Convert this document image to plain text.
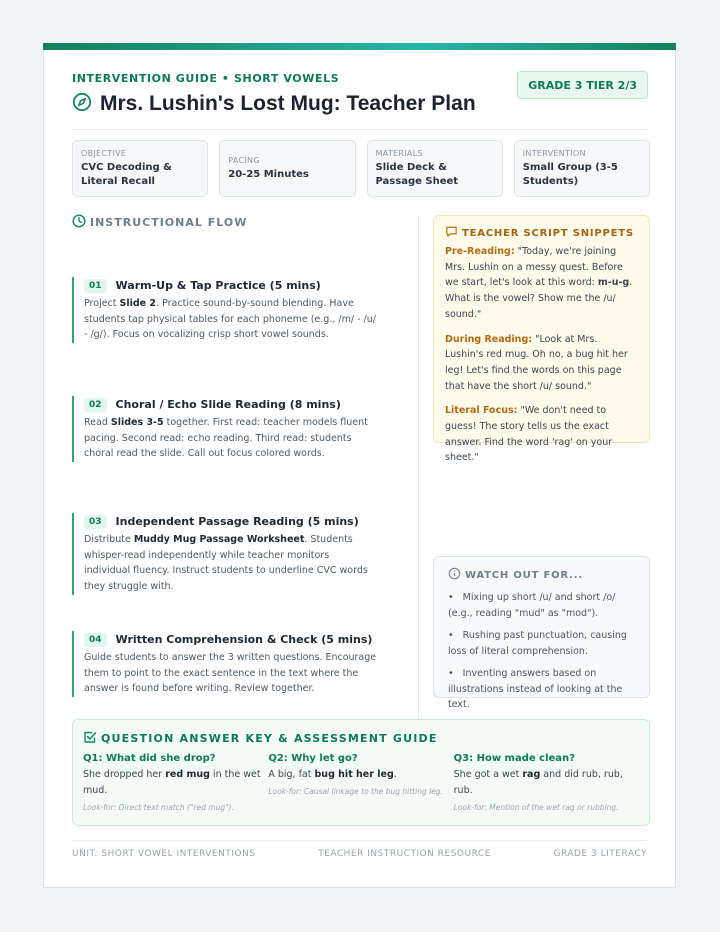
INTERVENTION GUIDE • SHORT VOWELS
Mrs. Lushin's Lost Mug: Teacher Plan
GRADE 3 TIER 2/3
OBJECTIVE
CVC Decoding & Literal Recall
PACING
20-25 Minutes
MATERIALS
Slide Deck & Passage Sheet
INTERVENTION
Small Group (3-5 Students)
INSTRUCTIONAL FLOW
01	Warm-Up & Tap Practice (5 mins)
Project Slide 2. Practice sound-by-sound blending. Have students tap physical tables for each phoneme (e.g., /m/ - /u/ - /g/). Focus on vocalizing crisp short vowel sounds.
02	Choral / Echo Slide Reading (8 mins)
Read Slides 3-5 together. First read: teacher models fluent pacing. Second read: echo reading. Third read: students choral read the slide. Call out focus colored words.
03	Independent Passage Reading (5 mins)
Distribute Muddy Mug Passage Worksheet. Students whisper-read independently while teacher monitors individual fluency. Instruct students to underline CVC words they struggle with.
04	Written Comprehension & Check (5 mins)
Guide students to answer the 3 written questions. Encourage them to point to the exact sentence in the text where the answer is found before writing. Review together.
TEACHER SCRIPT SNIPPETS
Pre-Reading: "Today, we're joining Mrs. Lushin on a messy quest. Before we start, let's look at this word: m-u-g. What is the vowel? Show me the /u/ sound."
During Reading: "Look at Mrs. Lushin's red mug. Oh no, a bug hit her leg! Let's find the words on this page that have the short /u/ sound."
Literal Focus: "We don't need to guess! The story tells us the exact answer. Find the word 'rag' on your sheet."
WATCH OUT FOR...
•   Mixing up short /u/ and short /o/ (e.g., reading "mud" as "mod").
•   Rushing past punctuation, causing loss of literal comprehension.
•   Inventing answers based on illustrations instead of looking at the text.
QUESTION ANSWER KEY & ASSESSMENT GUIDE
Q1: What did she drop?
She dropped her red mug in the wet mud.
Look-for: Direct text match ("red mug").
Q2: Why let go?
A big, fat bug hit her leg.
Look-for: Causal linkage to the bug hitting leg.
Q3: How made clean?
She got a wet rag and did rub, rub, rub.
Look-for: Mention of the wet rag or rubbing.
UNIT: SHORT VOWEL INTERVENTIONS	TEACHER INSTRUCTION RESOURCE	GRADE 3 LITERACY
